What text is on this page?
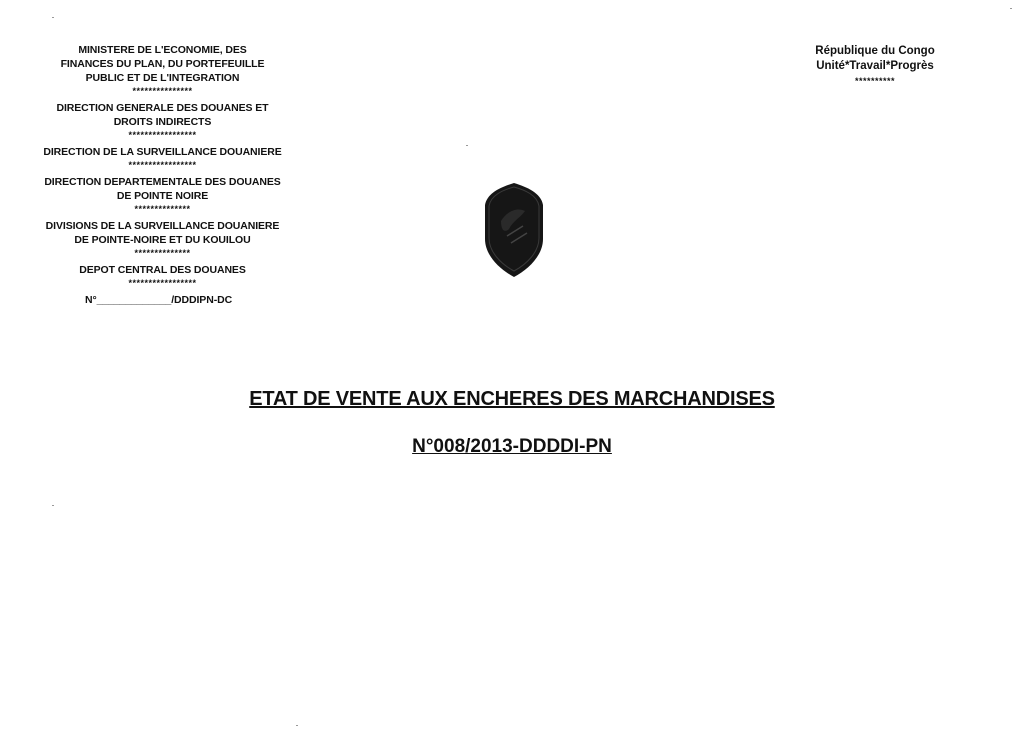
MINISTERE DE L'ECONOMIE, DES
FINANCES DU PLAN, DU PORTEFEUILLE
PUBLIC ET DE L'INTEGRATION
***************
DIRECTION GENERALE DES DOUANES ET
DROITS INDIRECTS
*****************
DIRECTION DE LA SURVEILLANCE DOUANIERE
*****************
DIRECTION DEPARTEMENTALE DES DOUANES
DE POINTE NOIRE
**************
DIVISIONS DE LA SURVEILLANCE DOUANIERE
DE POINTE-NOIRE ET DU KOUILOU
**************
DEPOT CENTRAL DES DOUANES
*****************
N°_____________/DDDIPN-DC
République du Congo
Unité*Travail*Progrès
**********
ETAT DE VENTE AUX ENCHERES DES MARCHANDISES
N°008/2013-DDDDI-PN
